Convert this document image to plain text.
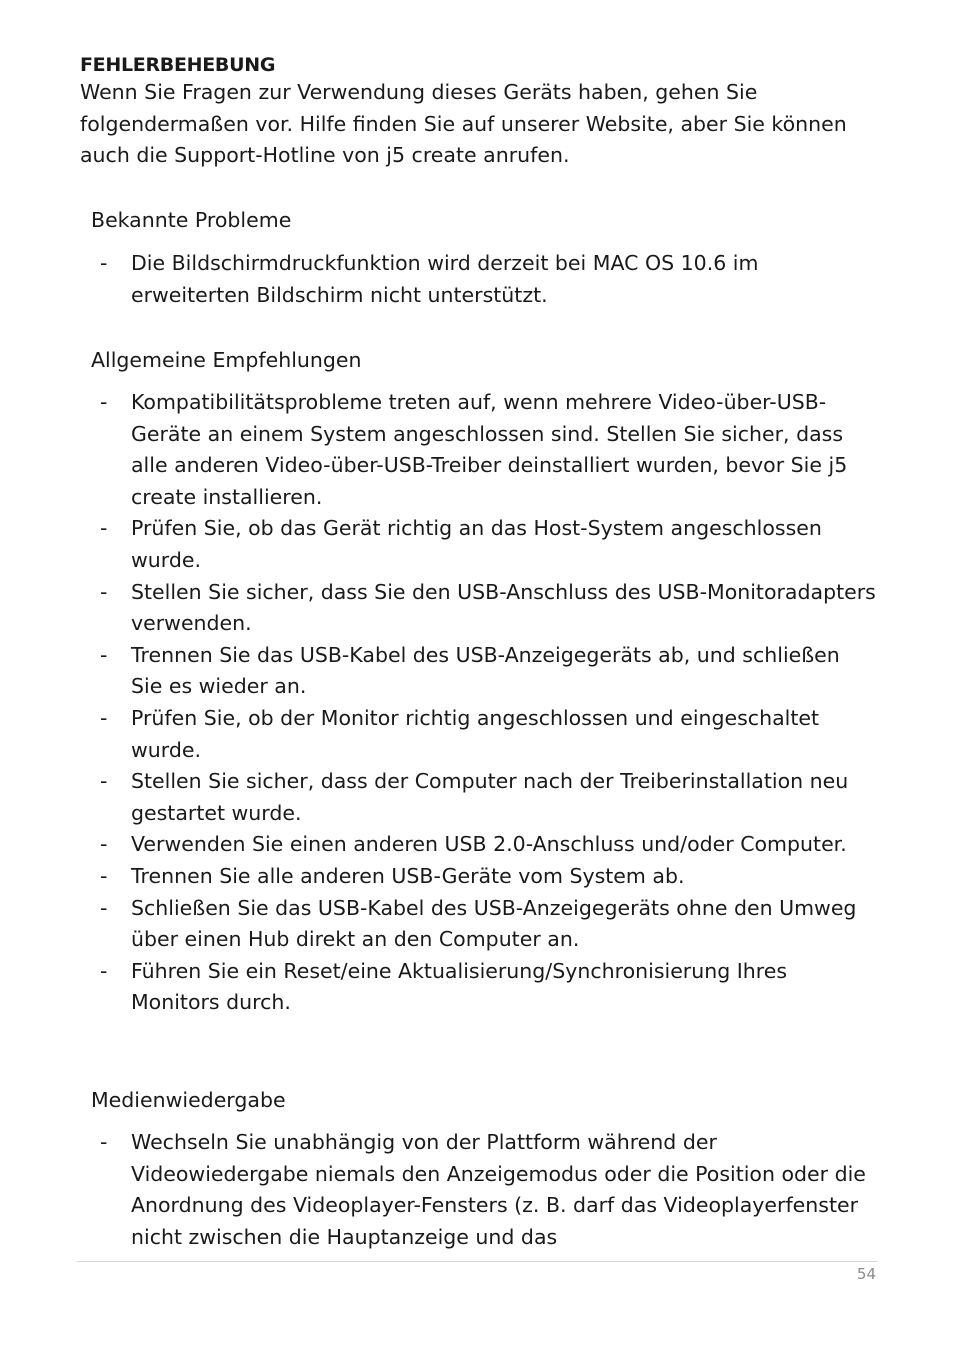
FEHLERBEHEBUNG

Wenn Sie Fragen zur Verwendung dieses Geräts haben, gehen Sie folgendermaßen vor. Hilfe finden Sie auf unserer Website, aber Sie können auch die Support-Hotline von j5 create anrufen.

Bekannte Probleme

- Die Bildschirmdruckfunktion wird derzeit bei MAC OS 10.6 im erweiterten Bildschirm nicht unterstützt.

Allgemeine Empfehlungen

- Kompatibilitätsprobleme treten auf, wenn mehrere Video-über-USB-Geräte an einem System angeschlossen sind. Stellen Sie sicher, dass alle anderen Video-über-USB-Treiber deinstalliert wurden, bevor Sie j5 create installieren.
- Prüfen Sie, ob das Gerät richtig an das Host-System angeschlossen wurde.
- Stellen Sie sicher, dass Sie den USB-Anschluss des USB-Monitoradapters verwenden.
- Trennen Sie das USB-Kabel des USB-Anzeigegeräts ab, und schließen Sie es wieder an.
- Prüfen Sie, ob der Monitor richtig angeschlossen und eingeschaltet wurde.
- Stellen Sie sicher, dass der Computer nach der Treiberinstallation neu gestartet wurde.
- Verwenden Sie einen anderen USB 2.0-Anschluss und/oder Computer.
- Trennen Sie alle anderen USB-Geräte vom System ab.
- Schließen Sie das USB-Kabel des USB-Anzeigegeräts ohne den Umweg über einen Hub direkt an den Computer an.
- Führen Sie ein Reset/eine Aktualisierung/Synchronisierung Ihres Monitors durch.

Medienwiedergabe

- Wechseln Sie unabhängig von der Plattform während der Videowiedergabe niemals den Anzeigemodus oder die Position oder die Anordnung des Videoplayer-Fensters (z. B. darf das Videoplayerfenster nicht zwischen die Hauptanzeige und das
54
